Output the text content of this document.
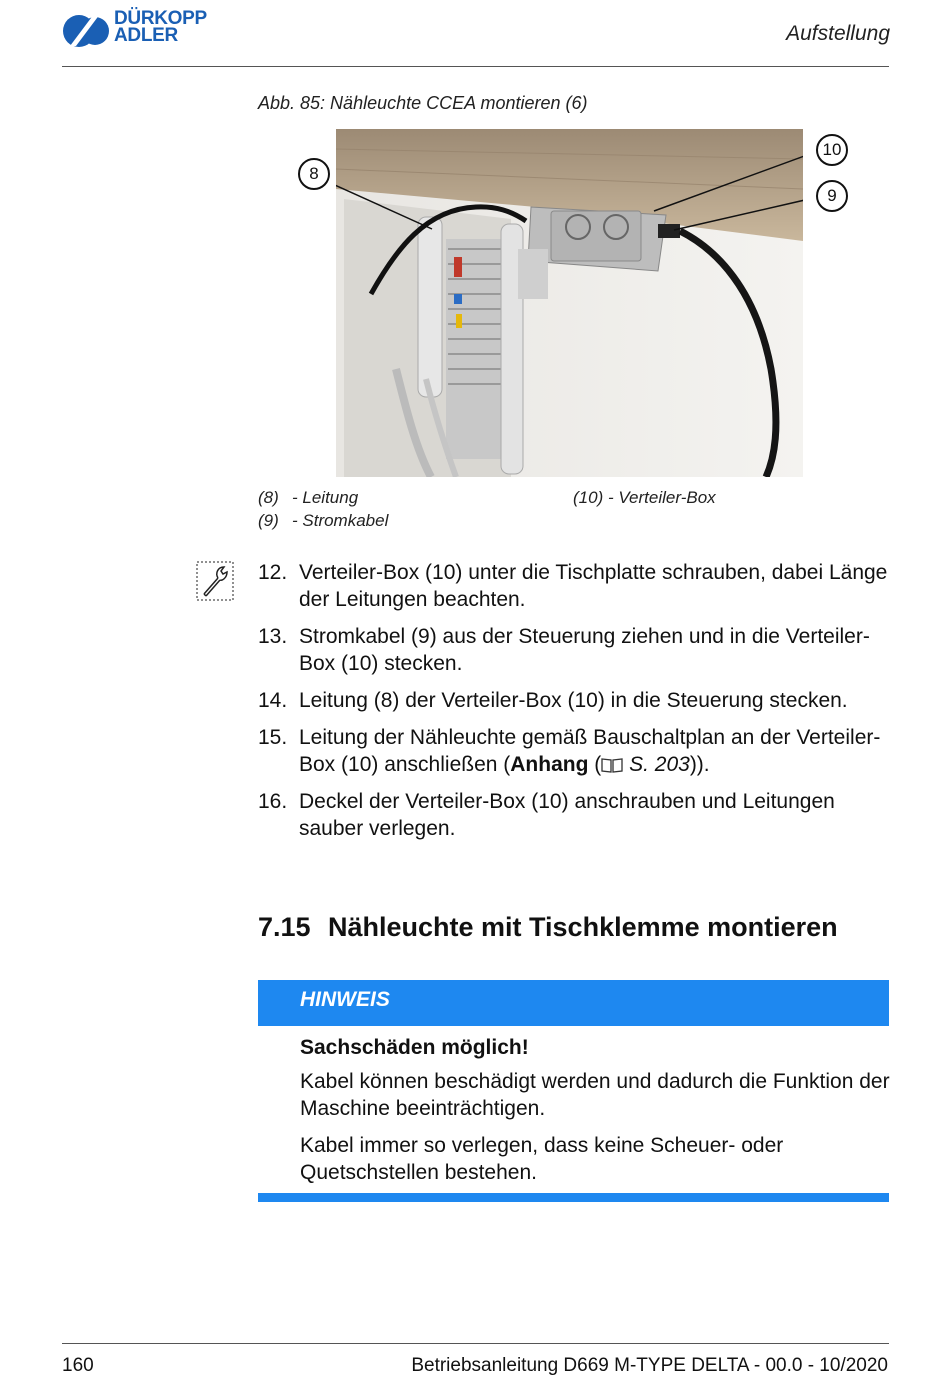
DÜRKOPP
ADLER	Aufstellung
Abb. 85: Nähleuchte CCEA montieren (6)
8
10
9
(8) - Leitung
(9) - Stromkabel
(10) - Verteiler-Box
12. Verteiler-Box (10) unter die Tischplatte schrauben, dabei Länge der Leitungen beachten.
13. Stromkabel (9) aus der Steuerung ziehen und in die Verteiler-Box (10) stecken.
14. Leitung (8) der Verteiler-Box (10) in die Steuerung stecken.
15. Leitung der Nähleuchte gemäß Bauschaltplan an der Verteiler-Box (10) anschließen (Anhang ( S. 203)).
16. Deckel der Verteiler-Box (10) anschrauben und Leitungen sauber verlegen.
7.15 Nähleuchte mit Tischklemme montieren
HINWEIS
Sachschäden möglich!
Kabel können beschädigt werden und dadurch die Funktion der Maschine beeinträchtigen.
Kabel immer so verlegen, dass keine Scheuer- oder Quetschstellen bestehen.
160	Betriebsanleitung D669 M-TYPE DELTA - 00.0 - 10/2020
